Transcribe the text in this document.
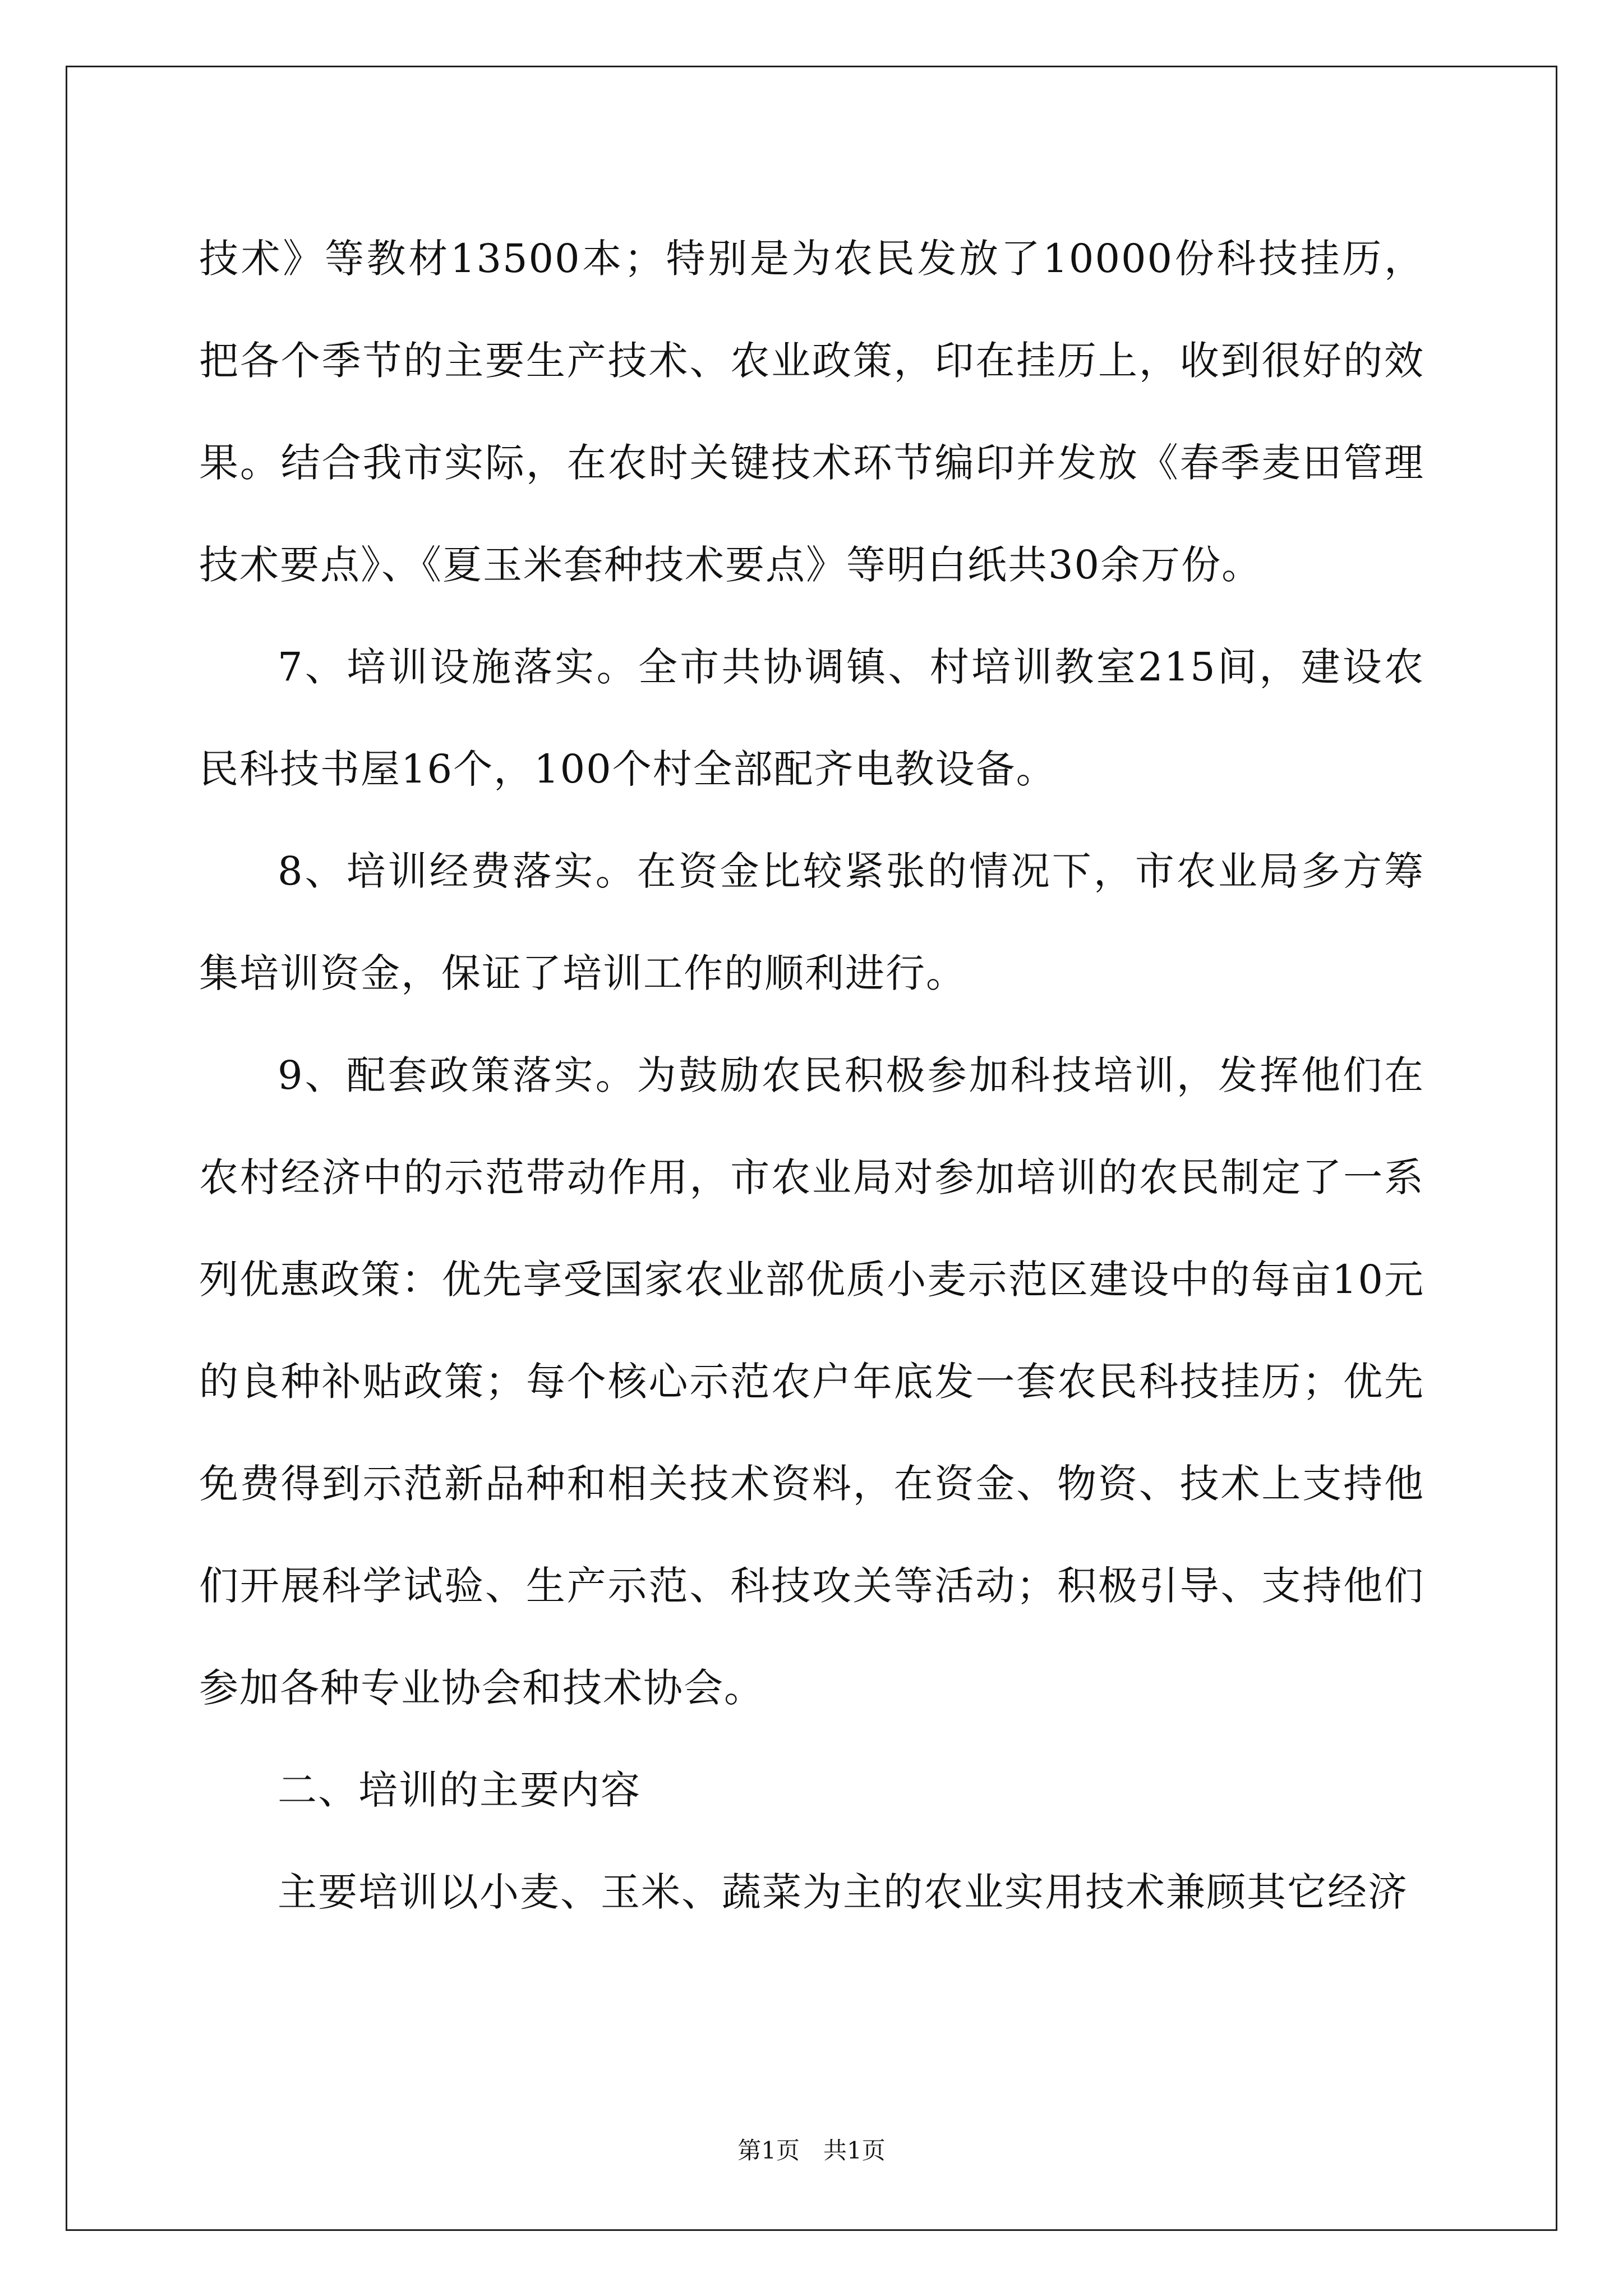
技术》等教材13500本；特别是为农民发放了10000份科技挂历，把各个季节的主要生产技术、农业政策，印在挂历上，收到很好的效果。结合我市实际，在农时关键技术环节编印并发放《春季麦田管理技术要点》、《夏玉米套种技术要点》等明白纸共30余万份。

7、培训设施落实。全市共协调镇、村培训教室215间，建设农民科技书屋16个，100个村全部配齐电教设备。

8、培训经费落实。在资金比较紧张的情况下，市农业局多方筹集培训资金，保证了培训工作的顺利进行。

9、配套政策落实。为鼓励农民积极参加科技培训，发挥他们在农村经济中的示范带动作用，市农业局对参加培训的农民制定了一系列优惠政策：优先享受国家农业部优质小麦示范区建设中的每亩10元的良种补贴政策；每个核心示范农户年底发一套农民科技挂历；优先免费得到示范新品种和相关技术资料，在资金、物资、技术上支持他们开展科学试验、生产示范、科技攻关等活动；积极引导、支持他们参加各种专业协会和技术协会。

二、培训的主要内容

主要培训以小麦、玉米、蔬菜为主的农业实用技术兼顾其它经济

第1页　共1页
